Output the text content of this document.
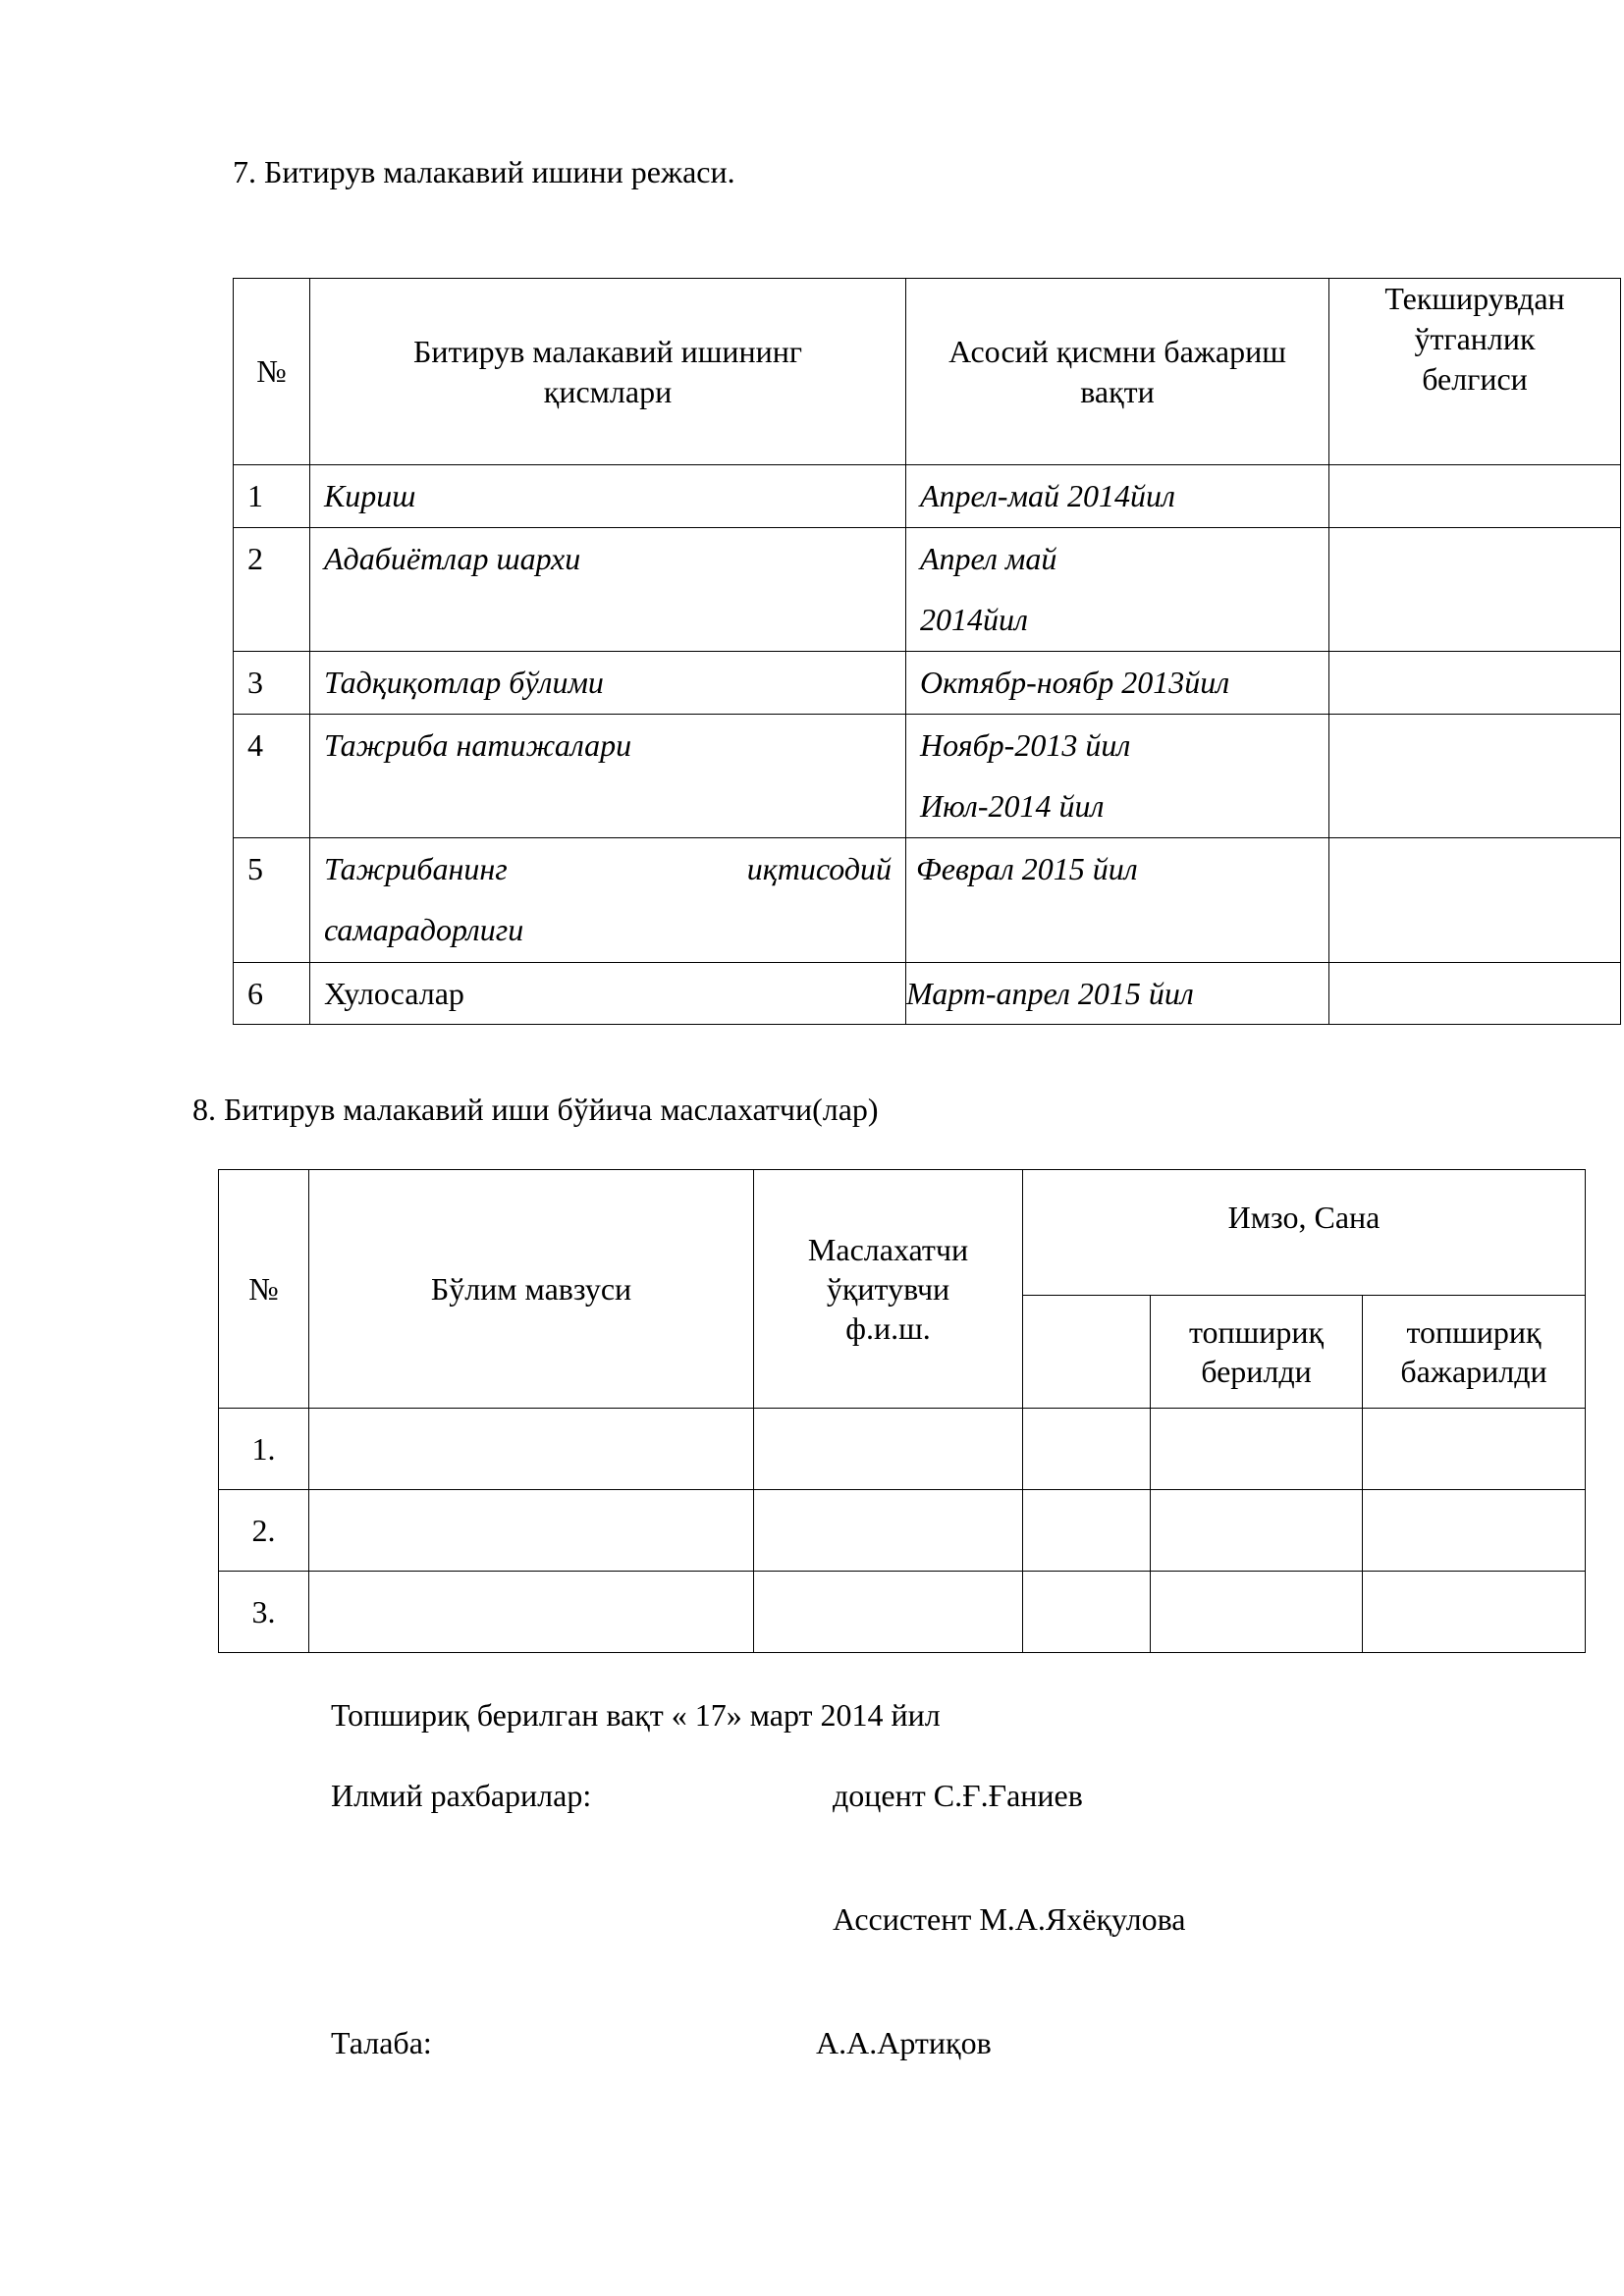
7. Битирув малакавий ишини режаси.
№	Битирув малакавий ишининг қисмлари	Асосий қисмни бажариш вақти	Текширувдан ўтганлик белгиси
1	Кириш	Апрел-май 2014йил	

2	Адабиётлар шархи	Апрел май
2014йил	

3	Тадқиқотлар бўлими	Октябр-ноябр 2013йил	

4	Тажриба натижалари	Ноябр-2013 йил
Июл-2014 йил	

5	Тажрибанинг иқтисодий
самарадорлиги	Феврал 2015 йил	

6	Хулосалар	Март-апрел 2015 йил	

8. Битирув малакавий иши бўйича маслахатчи(лар)
№	Бўлим мавзуси	Маслахатчи ўқитувчи ф.и.ш.	Имзо, Сана		
				топшириқ берилди	топшириқ бажарилди
1.					
2.					
3.					
Топшириқ берилган вақт « 17» март 2014 йил
Илмий рахбарилар:	доцент С.Ғ.Ғаниев
Ассистент М.А.Яхёқулова
Талаба:	А.А.Артиқов
